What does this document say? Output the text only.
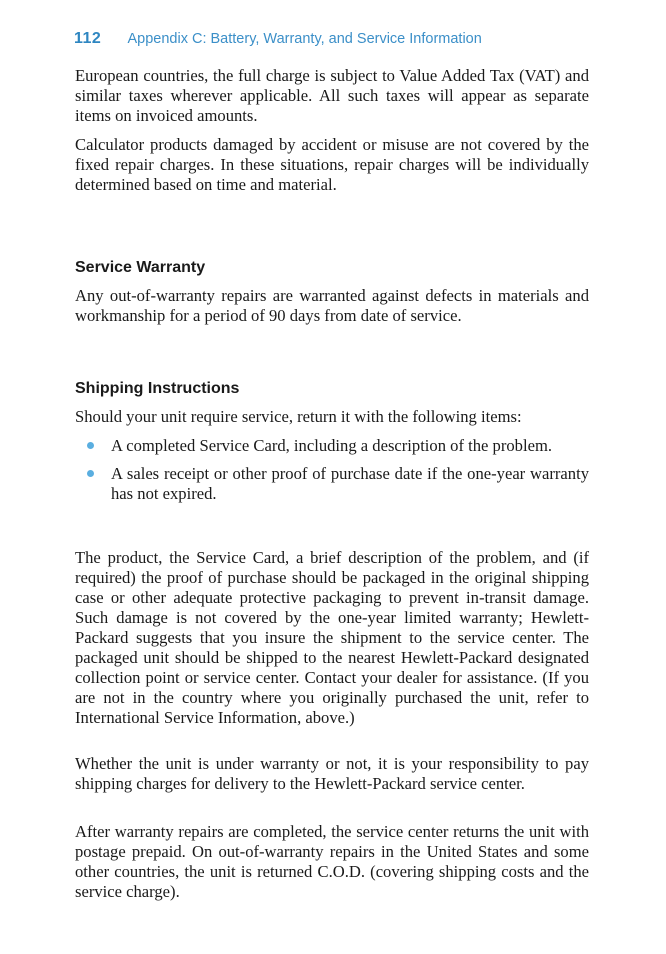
112 Appendix C: Battery, Warranty, and Service Information

European countries, the full charge is subject to Value Added Tax (VAT) and similar taxes wherever applicable. All such taxes will appear as separate items on invoiced amounts.

Calculator products damaged by accident or misuse are not covered by the fixed repair charges. In these situations, repair charges will be individually determined based on time and material.

Service Warranty

Any out-of-warranty repairs are warranted against defects in materials and workmanship for a period of 90 days from date of service.

Shipping Instructions

Should your unit require service, return it with the following items:

A completed Service Card, including a description of the problem.
A sales receipt or other proof of purchase date if the one-year warranty has not expired.

The product, the Service Card, a brief description of the problem, and (if required) the proof of purchase should be packaged in the original shipping case or other adequate protective packaging to prevent in-transit damage. Such damage is not covered by the one-year limited warranty; Hewlett-Packard suggests that you insure the shipment to the service center. The packaged unit should be shipped to the nearest Hewlett-Packard designated collection point or service center. Contact your dealer for assistance. (If you are not in the country where you originally purchased the unit, refer to International Service Information, above.)

Whether the unit is under warranty or not, it is your responsibility to pay shipping charges for delivery to the Hewlett-Packard service center.

After warranty repairs are completed, the service center returns the unit with postage prepaid. On out-of-warranty repairs in the United States and some other countries, the unit is returned C.O.D. (covering shipping costs and the service charge).
